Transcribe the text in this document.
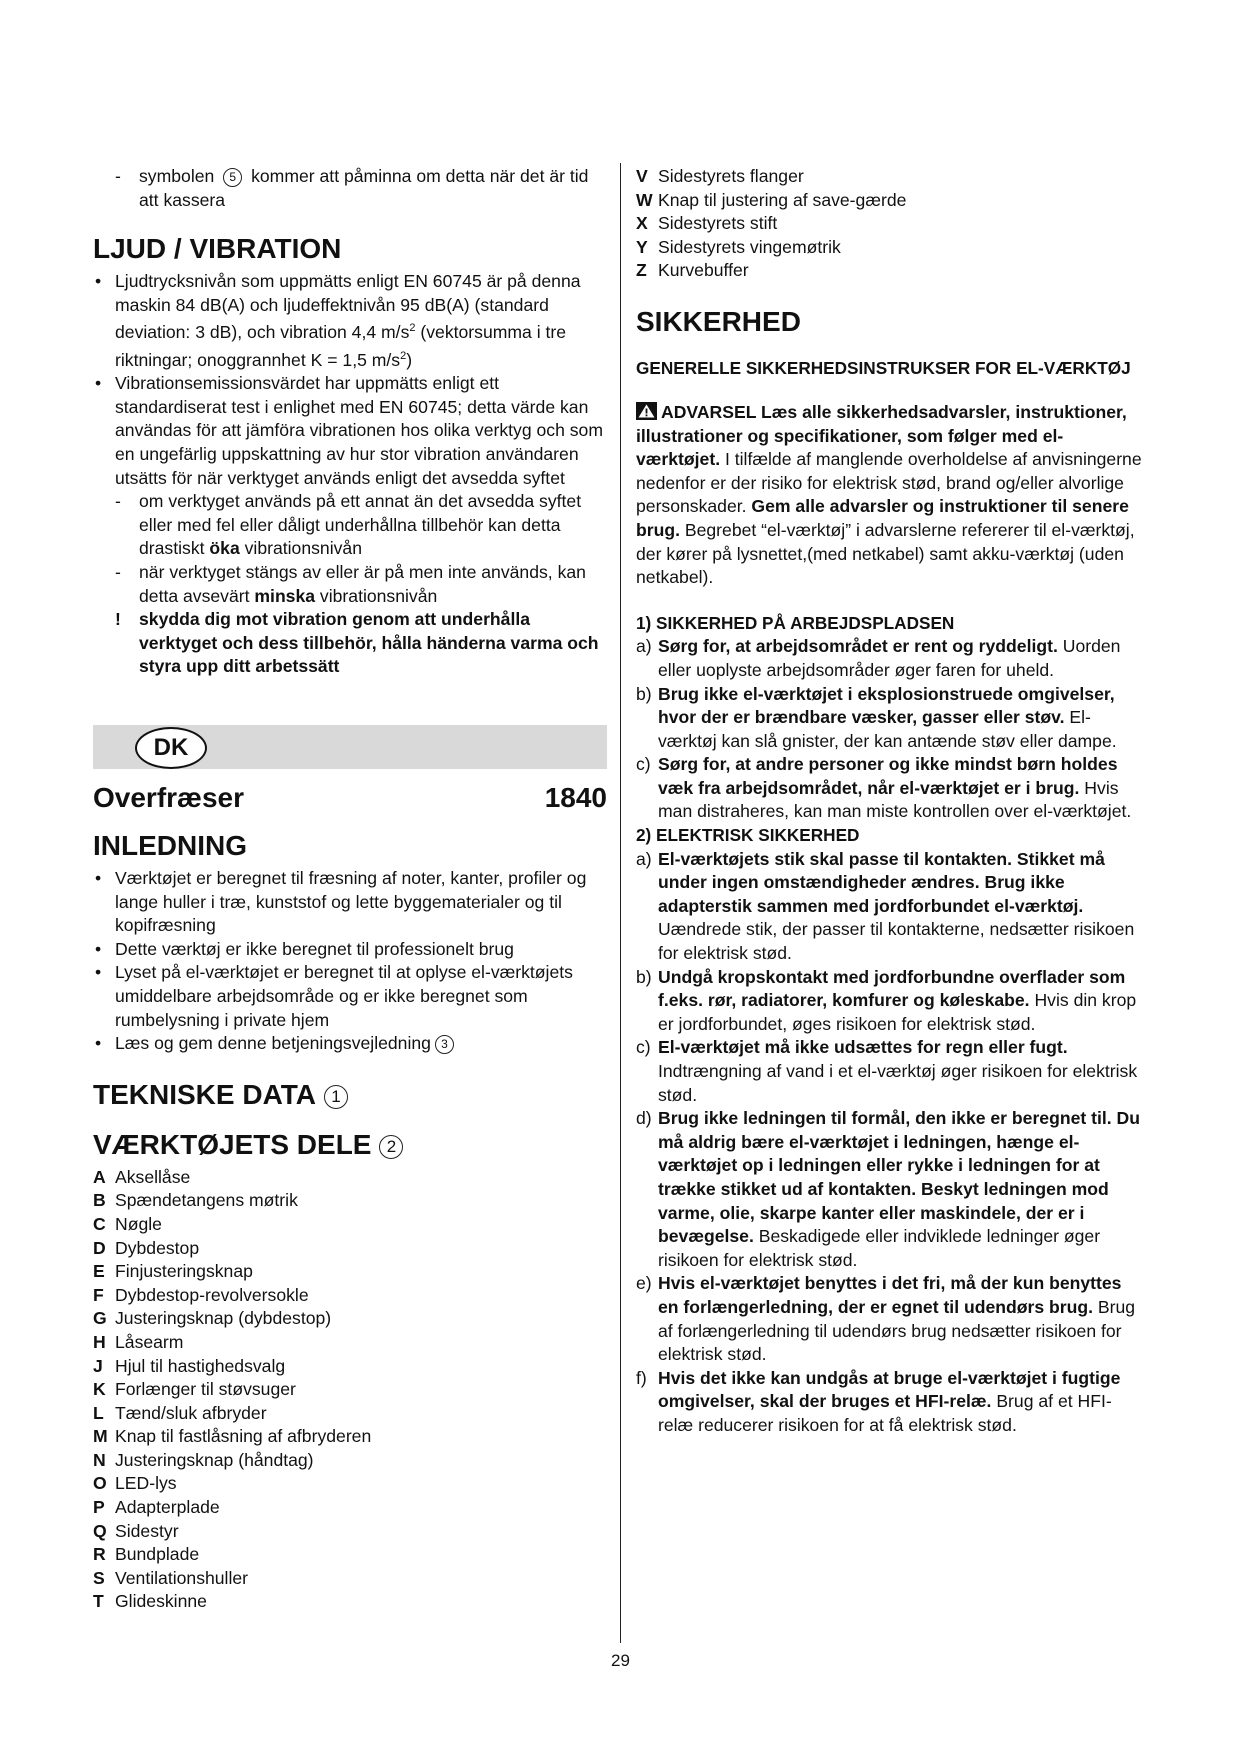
- symbolen 5 kommer att påminna om detta när det är tid att kassera
LJUD / VIBRATION
• Ljudtrycksnivån som uppmätts enligt EN 60745 är på denna maskin 84 dB(A) och ljudeffektnivån 95 dB(A) (standard deviation: 3 dB), och vibration 4,4 $m/s^2$ (vektorsumma i tre riktningar; onoggrannhet K = 1,5 $m/s^2$)
• Vibrationsemissionsvärdet har uppmätts enligt ett standardiserat test i enlighet med EN 60745; detta värde kan användas för att jämföra vibrationen hos olika verktyg och som en ungefärlig uppskattning av hur stor vibration användaren utsätts för när verktyget används enligt det avsedda syftet
- om verktyget används på ett annat än det avsedda syftet eller med fel eller dåligt underhållna tillbehör kan detta drastiskt öka vibrationsnivån
- när verktyget stängs av eller är på men inte används, kan detta avsevärt minska vibrationsnivån
! skydda dig mot vibration genom att underhålla verktyget och dess tillbehör, hålla händerna varma och styra upp ditt arbetssätt
DK
Overfræser	1840
INLEDNING
• Værktøjet er beregnet til fræsning af noter, kanter, profiler og lange huller i træ, kunststof og lette byggematerialer og til kopifræsning
• Dette værktøj er ikke beregnet til professionelt brug
• Lyset på el-værktøjet er beregnet til at oplyse el-værktøjets umiddelbare arbejdsområde og er ikke beregnet som rumbelysning i private hjem
• Læs og gem denne betjeningsvejledning 3
TEKNISKE DATA 1
VÆRKTØJETS DELE 2
A Aksellåse
B Spændetangens møtrik
C Nøgle
D Dybdestop
E Finjusteringsknap
F Dybdestop-revolversokle
G Justeringsknap (dybdestop)
H Låsearm
J Hjul til hastighedsvalg
K Forlænger til støvsuger
L Tænd/sluk afbryder
M Knap til fastlåsning af afbryderen
N Justeringsknap (håndtag)
O LED-lys
P Adapterplade
Q Sidestyr
R Bundplade
S Ventilationshuller
T Glideskinne
V Sidestyrets flanger
W Knap til justering af save-gærde
X Sidestyrets stift
Y Sidestyrets vingemøtrik
Z Kurvebuffer
SIKKERHED
GENERELLE SIKKERHEDSINSTRUKSER FOR EL-VÆRKTØJ
ADVARSEL Læs alle sikkerhedsadvarsler, instruktioner, illustrationer og specifikationer, som følger med el-værktøjet. I tilfælde af manglende overholdelse af anvisningerne nedenfor er der risiko for elektrisk stød, brand og/eller alvorlige personskader. Gem alle advarsler og instruktioner til senere brug. Begrebet “el-værktøj” i advarslerne refererer til el-værktøj, der kører på lysnettet,(med netkabel) samt akku-værktøj (uden netkabel).
1) SIKKERHED PÅ ARBEJDSPLADSEN
a) Sørg for, at arbejdsområdet er rent og ryddeligt. Uorden eller uoplyste arbejdsområder øger faren for uheld.
b) Brug ikke el-værktøjet i eksplosionstruede omgivelser, hvor der er brændbare væsker, gasser eller støv. El-værktøj kan slå gnister, der kan antænde støv eller dampe.
c) Sørg for, at andre personer og ikke mindst børn holdes væk fra arbejdsområdet, når el-værktøjet er i brug. Hvis man distraheres, kan man miste kontrollen over el-værktøjet.
2) ELEKTRISK SIKKERHED
a) El-værktøjets stik skal passe til kontakten. Stikket må under ingen omstændigheder ændres. Brug ikke adapterstik sammen med jordforbundet el-værktøj. Uændrede stik, der passer til kontakterne, nedsætter risikoen for elektrisk stød.
b) Undgå kropskontakt med jordforbundne overflader som f.eks. rør, radiatorer, komfurer og køleskabe. Hvis din krop er jordforbundet, øges risikoen for elektrisk stød.
c) El-værktøjet må ikke udsættes for regn eller fugt. Indtrængning af vand i et el-værktøj øger risikoen for elektrisk stød.
d) Brug ikke ledningen til formål, den ikke er beregnet til. Du må aldrig bære el-værktøjet i ledningen, hænge el-værktøjet op i ledningen eller rykke i ledningen for at trække stikket ud af kontakten. Beskyt ledningen mod varme, olie, skarpe kanter eller maskindele, der er i bevægelse. Beskadigede eller indviklede ledninger øger risikoen for elektrisk stød.
e) Hvis el-værktøjet benyttes i det fri, må der kun benyttes en forlængerledning, der er egnet til udendørs brug. Brug af forlængerledning til udendørs brug nedsætter risikoen for elektrisk stød.
f) Hvis det ikke kan undgås at bruge el-værktøjet i fugtige omgivelser, skal der bruges et HFI-relæ. Brug af et HFI-relæ reducerer risikoen for at få elektrisk stød.
29
